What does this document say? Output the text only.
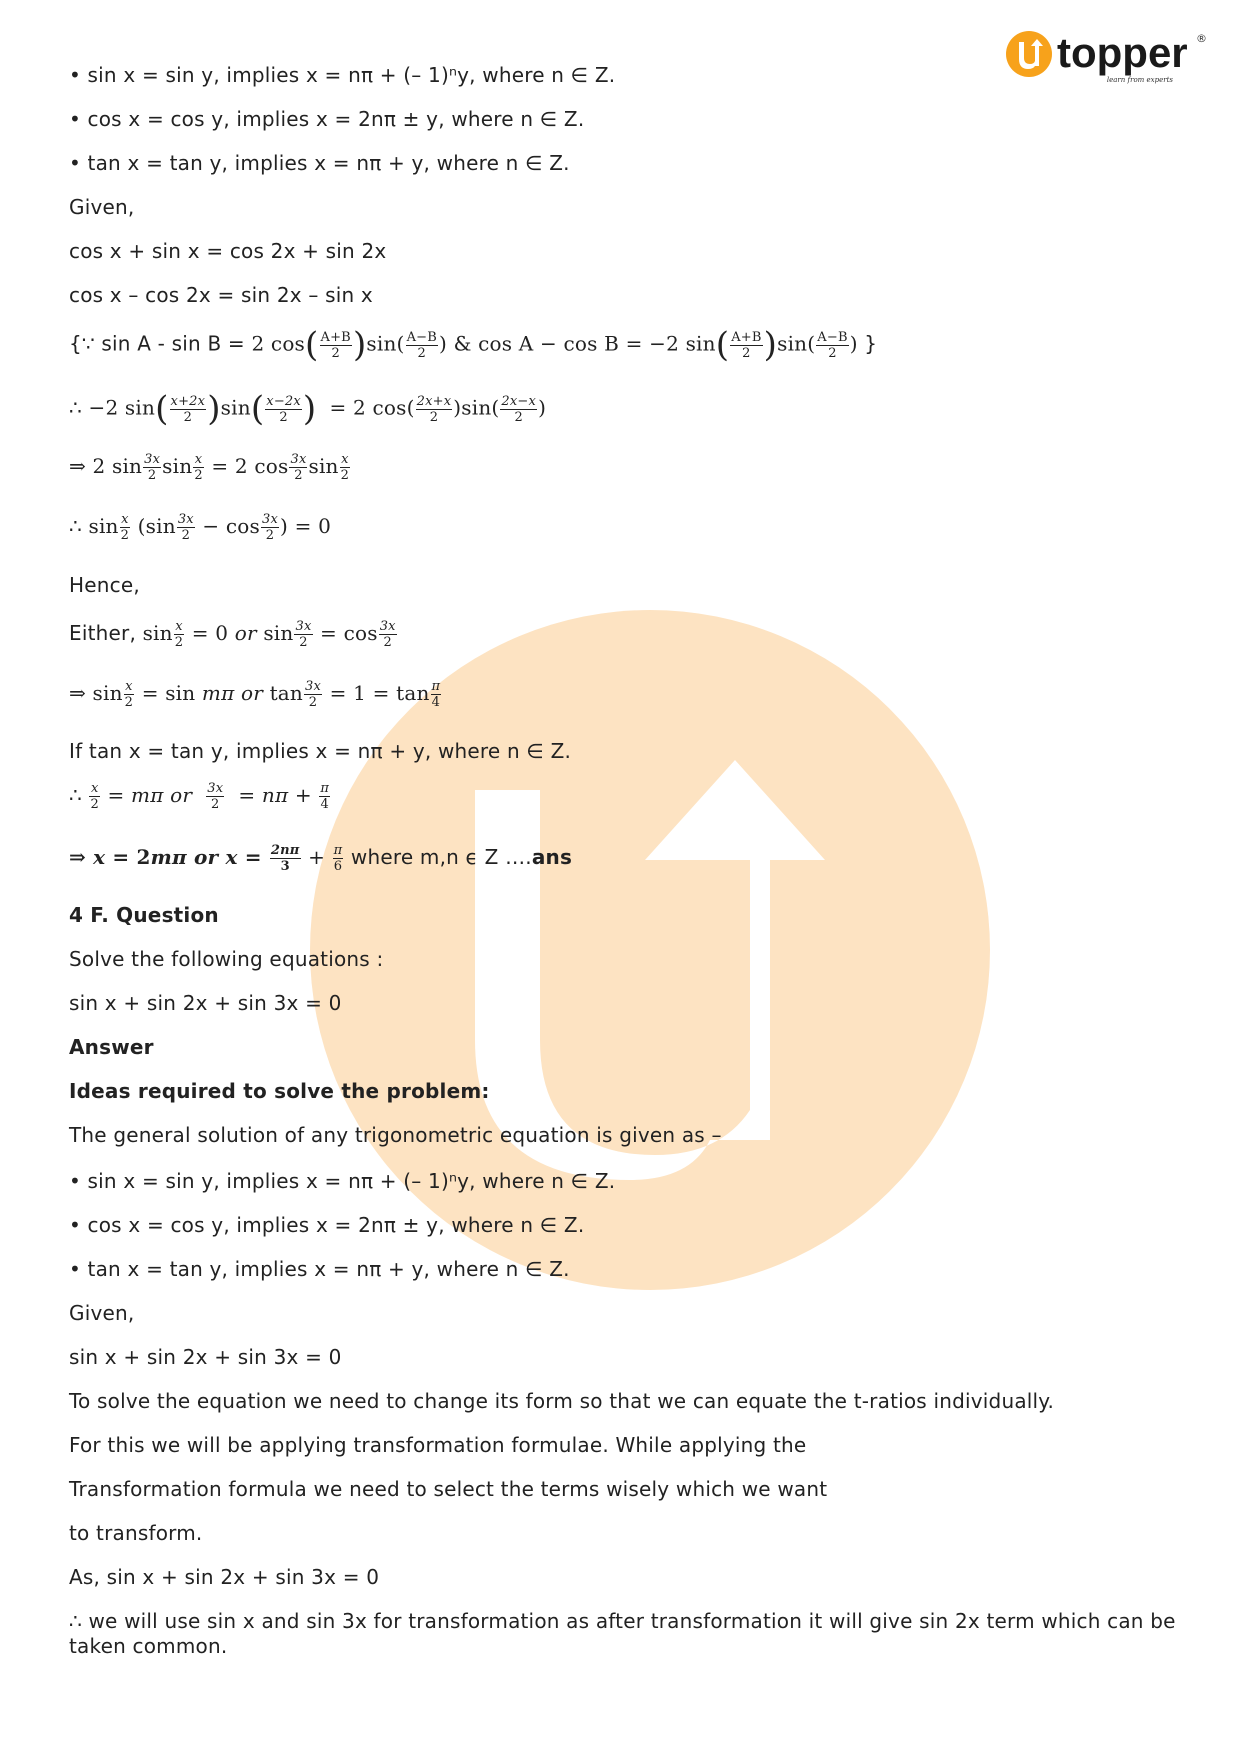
topper
learn from experts
®
• sin x = sin y, implies x = nπ + (– 1)ⁿy, where n ∈ Z.
• cos x = cos y, implies x = 2nπ ± y, where n ∈ Z.
• tan x = tan y, implies x = nπ + y, where n ∈ Z.
Given,
cos x + sin x = cos 2x + sin 2x
cos x – cos 2x = sin 2x – sin x
{∵ sin A - sin B = 2 $\cos( \frac{A+B}{2} )\sin( \frac{A-B}{2}$ ) & cos A − cos B = −2 $\sin( \frac{A+B}{2} )\sin( \frac{A-B}{2}$ ) }
∴ −2 $\sin( \frac{x+2x}{2} )\sin( \frac{x-2x}{2}$ )  = 2 $\cos( \frac{2x+x}{2} )\sin( \frac{2x-x}{2}$ )
⇒ 2 $\sin \frac{3x}{2}$ $\sin \frac{x}{2} = 2$ $\cos \frac{3x}{2}$ $\sin \frac{x}{2}$
∴ $\sin \frac{x}{2} (\sin \frac{3x}{2} - \cos \frac{3x}{2}$ ) = 0
Hence,
Either, $\sin \frac{x}{2} = 0$ or $\sin \frac{3x}{2} = \cos \frac{3x}{2}$
⇒ $\sin \frac{x}{2} = \sin m\pi$ or $\tan \frac{3x}{2} = 1 = \tan \frac{\pi}{4}$
If tan x = tan y, implies x = nπ + y, where n ∈ Z.
∴ $\frac{x}{2} = m\pi$ or $\frac{3x}{2} = n\pi + \frac{\pi}{4}$
⇒ x = 2mπ or $x = \frac{2n\pi}{3} + \frac{\pi}{6}$ where m,n ϵ Z ….ans
4 F. Question
Solve the following equations :
sin x + sin 2x + sin 3x = 0
Answer
Ideas required to solve the problem:
The general solution of any trigonometric equation is given as –
• sin x = sin y, implies x = nπ + (– 1)ⁿy, where n ∈ Z.
• cos x = cos y, implies x = 2nπ ± y, where n ∈ Z.
• tan x = tan y, implies x = nπ + y, where n ∈ Z.
Given,
sin x + sin 2x + sin 3x = 0
To solve the equation we need to change its form so that we can equate the t-ratios individually.
For this we will be applying transformation formulae. While applying the
Transformation formula we need to select the terms wisely which we want
to transform.
As, sin x + sin 2x + sin 3x = 0
∴ we will use sin x and sin 3x for transformation as after transformation it will give sin 2x term which can be taken common.
